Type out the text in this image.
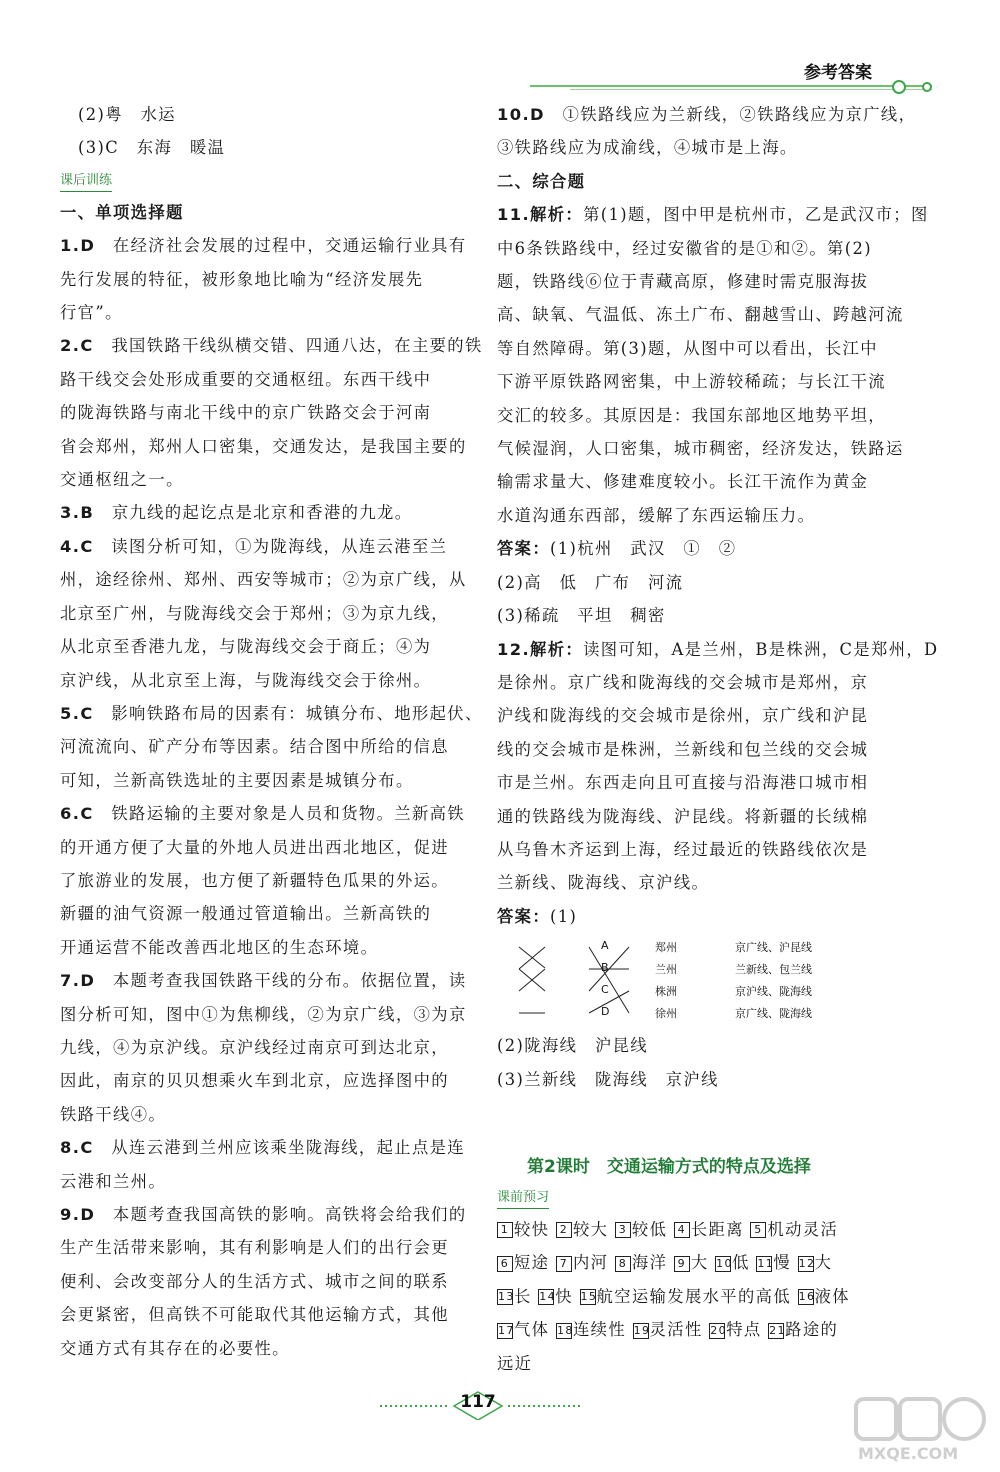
参考答案
(2)粤　水运
(3)C　东海　暖温
课后训练
一、单项选择题
1.D　 在经济社会发展的过程中，交通运输行业具有
先行发展的特征，被形象地比喻为“经济发展先
行官”。
2.C　 我国铁路干线纵横交错、四通八达，在主要的铁
路干线交会处形成重要的交通枢纽。东西干线中
的陇海铁路与南北干线中的京广铁路交会于河南
省会郑州，郑州人口密集，交通发达，是我国主要的
交通枢纽之一。
3.B　 京九线的起讫点是北京和香港的九龙。
4.C　 读图分析可知，①为陇海线，从连云港至兰
州，途经徐州、郑州、西安等城市；②为京广线，从
北京至广州，与陇海线交会于郑州；③为京九线，
从北京至香港九龙，与陇海线交会于商丘；④为
京沪线，从北京至上海，与陇海线交会于徐州。
5.C　 影响铁路布局的因素有：城镇分布、地形起伏、
河流流向、矿产分布等因素。结合图中所给的信息
可知，兰新高铁选址的主要因素是城镇分布。
6.C　 铁路运输的主要对象是人员和货物。兰新高铁
的开通方便了大量的外地人员进出西北地区，促进
了旅游业的发展，也方便了新疆特色瓜果的外运。
新疆的油气资源一般通过管道输出。兰新高铁的
开通运营不能改善西北地区的生态环境。
7.D　 本题考查我国铁路干线的分布。依据位置，读
图分析可知，图中①为焦柳线，②为京广线，③为京
九线，④为京沪线。京沪线经过南京可到达北京，
因此，南京的贝贝想乘火车到北京，应选择图中的
铁路干线④。
8.C　 从连云港到兰州应该乘坐陇海线，起止点是连
云港和兰州。
9.D　 本题考查我国高铁的影响。高铁将会给我们的
生产生活带来影响，其有利影响是人们的出行会更
便利、会改变部分人的生活方式、城市之间的联系
会更紧密，但高铁不可能取代其他运输方式，其他
交通方式有其存在的必要性。
10.D　 ①铁路线应为兰新线，②铁路线应为京广线，
③铁路线应为成渝线，④城市是上海。
二、综合题
11.解析：第(1)题，图中甲是杭州市，乙是武汉市；图
中6条铁路线中，经过安徽省的是①和②。第(2)
题，铁路线⑥位于青藏高原，修建时需克服海拔
高、缺氧、气温低、冻土广布、翻越雪山、跨越河流
等自然障碍。第(3)题，从图中可以看出，长江中
下游平原铁路网密集，中上游较稀疏；与长江干流
交汇的较多。其原因是：我国东部地区地势平坦，
气候湿润，人口密集，城市稠密，经济发达，铁路运
输需求量大、修建难度较小。长江干流作为黄金
水道沟通东西部，缓解了东西运输压力。
答案：(1)杭州　武汉　①　②
(2)高　低　广布　河流
(3)稀疏　平坦　稠密
12.解析：读图可知，A是兰州，B是株洲，C是郑州，D
是徐州。京广线和陇海线的交会城市是郑州，京
沪线和陇海线的交会城市是徐州，京广线和沪昆
线的交会城市是株洲，兰新线和包兰线的交会城
市是兰州。东西走向且可直接与沿海港口城市相
通的铁路线为陇海线、沪昆线。将新疆的长绒棉
从乌鲁木齐运到上海，经过最近的铁路线依次是
兰新线、陇海线、京沪线。
答案：(1)
A
B
C
D
郑州
兰州
株洲
徐州
京广线、沪昆线
兰新线、包兰线
京沪线、陇海线
京广线、陇海线
(2)陇海线　沪昆线
(3)兰新线　陇海线　京沪线
第2课时　交通运输方式的特点及选择
课前预习
1 较快 2 较大 3 较低 4 长距离 5 机动灵活
6 短途 7 内河 8 海洋 9 大 10低 11慢 12大
13长 14快 15航空运输发展水平的高低 16液体
17气体 18连续性 19灵活性 20特点 21路途的
远近
117
MXQE.COM
